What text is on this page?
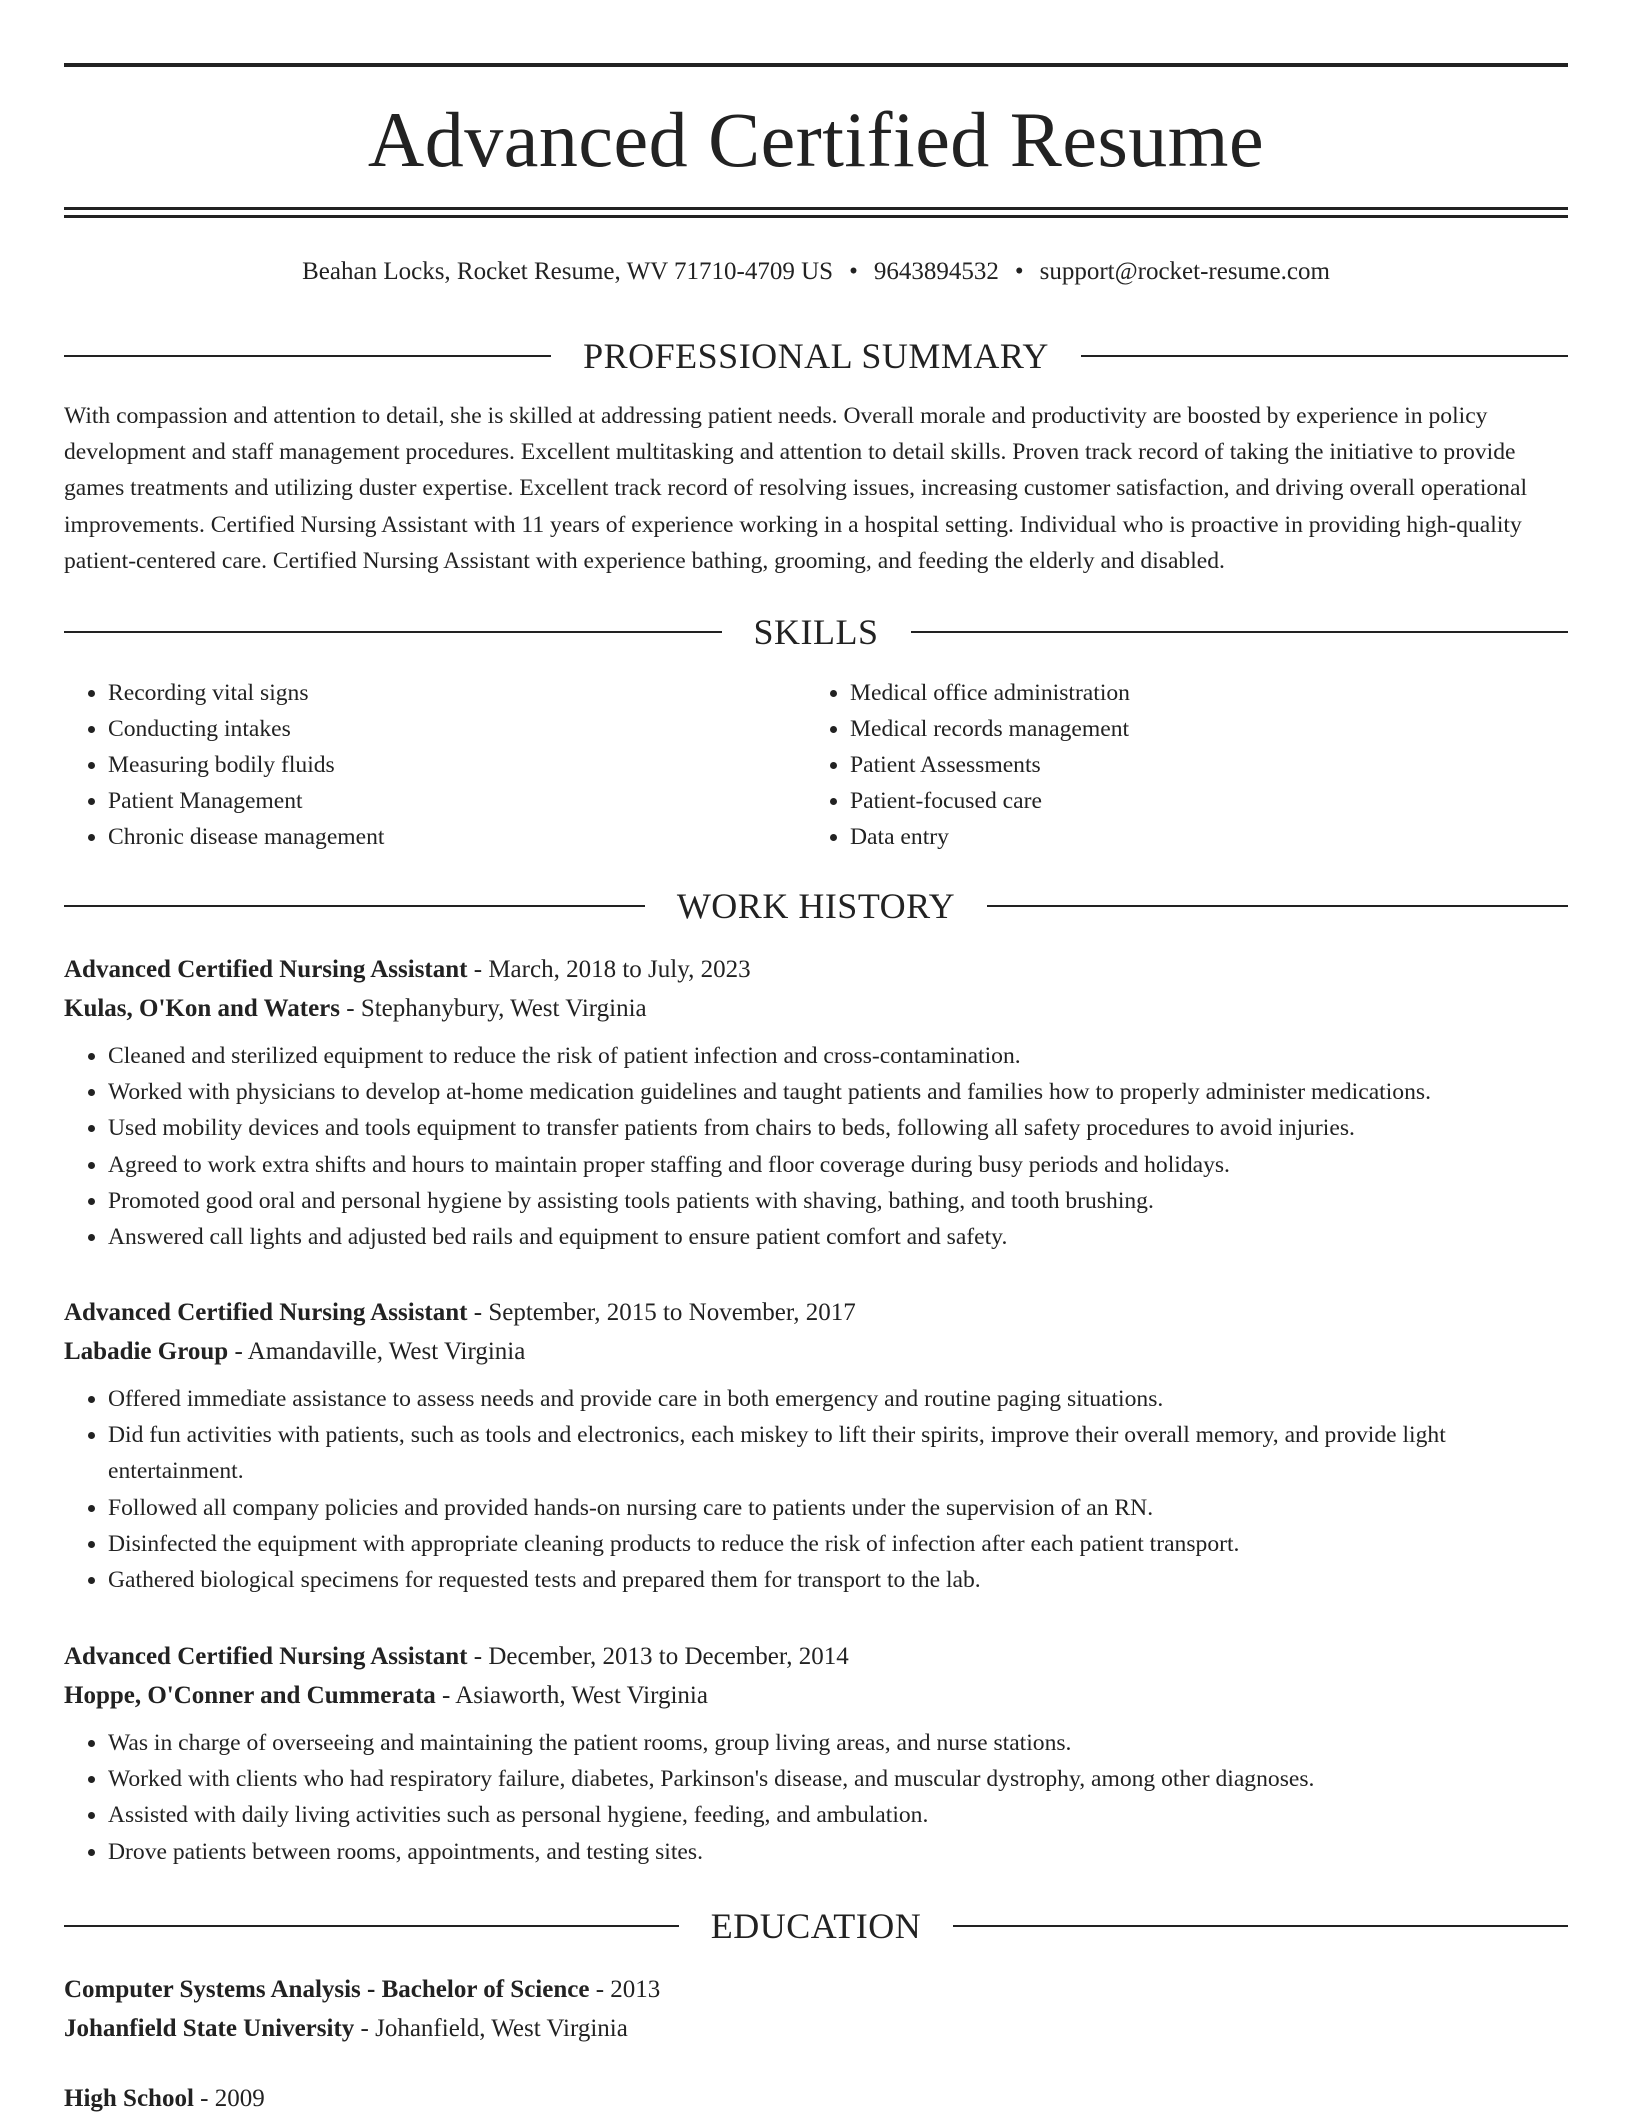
Advanced Certified Resume
Beahan Locks, Rocket Resume, WV 71710-4709 US • 9643894532 • support@rocket-resume.com
PROFESSIONAL SUMMARY

With compassion and attention to detail, she is skilled at addressing patient needs. Overall morale and productivity are boosted by experience in policy development and staff management procedures. Excellent multitasking and attention to detail skills. Proven track record of taking the initiative to provide games treatments and utilizing duster expertise. Excellent track record of resolving issues, increasing customer satisfaction, and driving overall operational improvements. Certified Nursing Assistant with 11 years of experience working in a hospital setting. Individual who is proactive in providing high-quality patient-centered care. Certified Nursing Assistant with experience bathing, grooming, and feeding the elderly and disabled.

SKILLS
• Recording vital signs
• Conducting intakes
• Measuring bodily fluids
• Patient Management
• Chronic disease management
• Medical office administration
• Medical records management
• Patient Assessments
• Patient-focused care
• Data entry
WORK HISTORY
Advanced Certified Nursing Assistant - March, 2018 to July, 2023
Kulas, O'Kon and Waters - Stephanybury, West Virginia
• Cleaned and sterilized equipment to reduce the risk of patient infection and cross-contamination.
• Worked with physicians to develop at-home medication guidelines and taught patients and families how to properly administer medications.
• Used mobility devices and tools equipment to transfer patients from chairs to beds, following all safety procedures to avoid injuries.
• Agreed to work extra shifts and hours to maintain proper staffing and floor coverage during busy periods and holidays.
• Promoted good oral and personal hygiene by assisting tools patients with shaving, bathing, and tooth brushing.
• Answered call lights and adjusted bed rails and equipment to ensure patient comfort and safety.
Advanced Certified Nursing Assistant - September, 2015 to November, 2017
Labadie Group - Amandaville, West Virginia
• Offered immediate assistance to assess needs and provide care in both emergency and routine paging situations.
• Did fun activities with patients, such as tools and electronics, each miskey to lift their spirits, improve their overall memory, and provide light entertainment.
• Followed all company policies and provided hands-on nursing care to patients under the supervision of an RN.
• Disinfected the equipment with appropriate cleaning products to reduce the risk of infection after each patient transport.
• Gathered biological specimens for requested tests and prepared them for transport to the lab.
Advanced Certified Nursing Assistant - December, 2013 to December, 2014
Hoppe, O'Conner and Cummerata - Asiaworth, West Virginia
• Was in charge of overseeing and maintaining the patient rooms, group living areas, and nurse stations.
• Worked with clients who had respiratory failure, diabetes, Parkinson's disease, and muscular dystrophy, among other diagnoses.
• Assisted with daily living activities such as personal hygiene, feeding, and ambulation.
• Drove patients between rooms, appointments, and testing sites.
EDUCATION
Computer Systems Analysis - Bachelor of Science - 2013
Johanfield State University - Johanfield, West Virginia
High School - 2009
